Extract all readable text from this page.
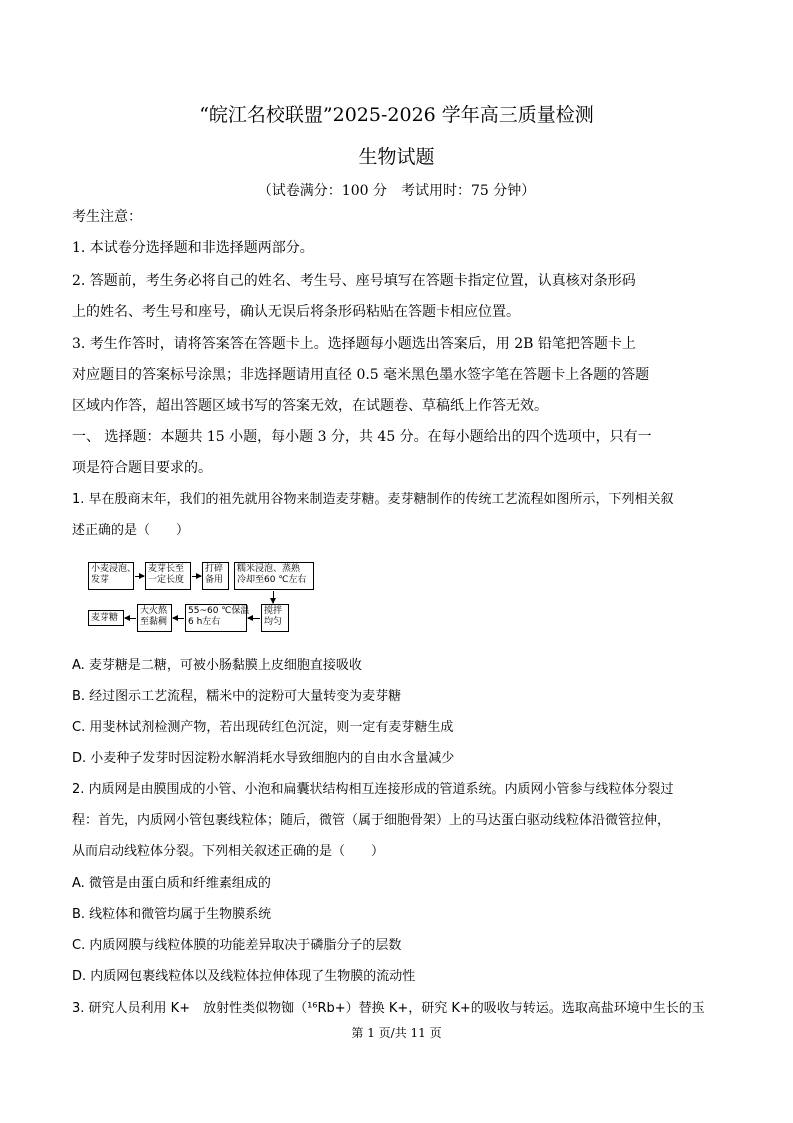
“皖江名校联盟”2025-2026 学年高三质量检测
生物试题
（试卷满分：100 分　考试用时：75 分钟）
考生注意：
1. 本试卷分选择题和非选择题两部分。
2. 答题前，考生务必将自己的姓名、考生号、座号填写在答题卡指定位置，认真核对条形码
上的姓名、考生号和座号，确认无误后将条形码粘贴在答题卡相应位置。
3. 考生作答时，请将答案答在答题卡上。选择题每小题选出答案后，用 2B 铅笔把答题卡上
对应题目的答案标号涂黑；非选择题请用直径 0.5 毫米黑色墨水签字笔在答题卡上各题的答题
区域内作答，超出答题区域书写的答案无效，在试题卷、草稿纸上作答无效。
一、 选择题：本题共 15 小题，每小题 3 分，共 45 分。在每小题给出的四个选项中，只有一
项是符合题目要求的。
1. 早在殷商末年，我们的祖先就用谷物来制造麦芽糖。麦芽糖制作的传统工艺流程如图所示，下列相关叙
述正确的是（　　）
小麦浸泡、
发芽
麦芽长至
一定长度
打碎
备用
糯米浸泡、蒸熟
冷却至60 ℃左右
搅拌
均匀
55~60 ℃保温
6 h左右
大火熬
至黏稠
麦芽糖
A. 麦芽糖是二糖，可被小肠黏膜上皮细胞直接吸收
B. 经过图示工艺流程，糯米中的淀粉可大量转变为麦芽糖
C. 用斐林试剂检测产物，若出现砖红色沉淀，则一定有麦芽糖生成
D. 小麦种子发芽时因淀粉水解消耗水导致细胞内的自由水含量减少
2. 内质网是由膜围成的小管、小泡和扁囊状结构相互连接形成的管道系统。内质网小管参与线粒体分裂过
程：首先，内质网小管包裹线粒体；随后，微管（属于细胞骨架）上的马达蛋白驱动线粒体沿微管拉伸，
从而启动线粒体分裂。下列相关叙述正确的是（　　）
A. 微管是由蛋白质和纤维素组成的
B. 线粒体和微管均属于生物膜系统
C. 内质网膜与线粒体膜的功能差异取决于磷脂分子的层数
D. 内质网包裹线粒体以及线粒体拉伸体现了生物膜的流动性
3. 研究人员利用 K+　放射性类似物铷（¹⁶Rb+）替换 K+，研究 K+的吸收与转运。选取高盐环境中生长的玉
第 1 页/共 11 页
